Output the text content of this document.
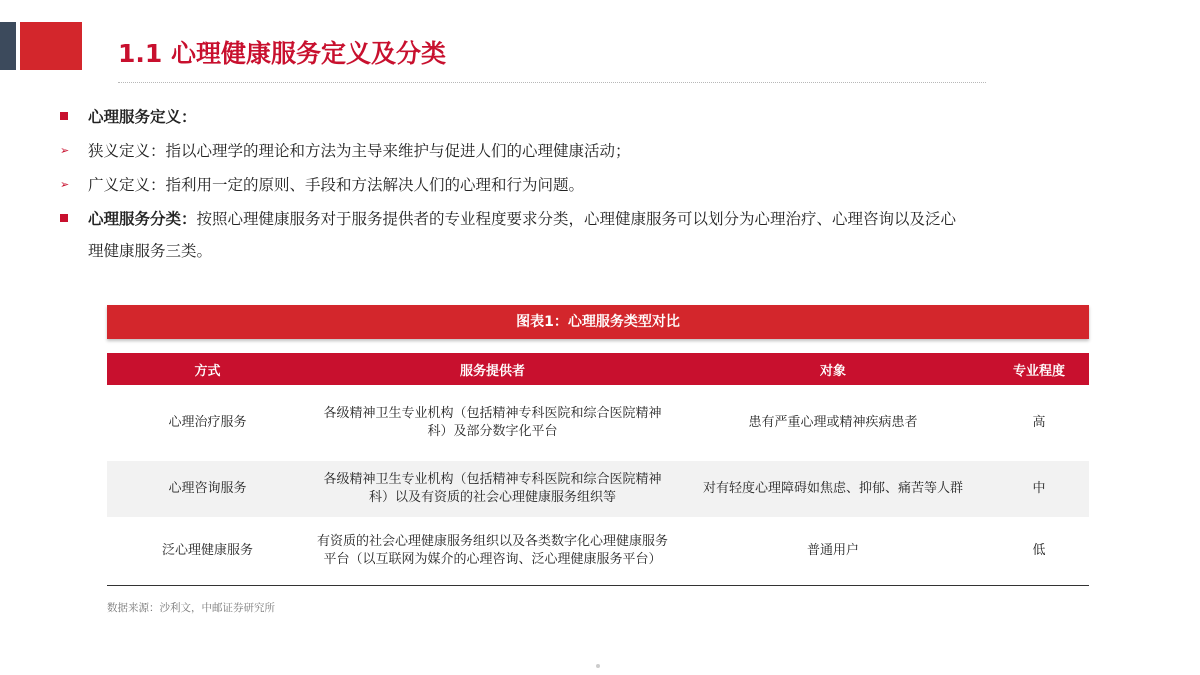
1.1 心理健康服务定义及分类
心理服务定义：
➢	狭义定义：指以心理学的理论和方法为主导来维护与促进人们的心理健康活动；
➢	广义定义：指利用一定的原则、手段和方法解决人们的心理和行为问题。
心理服务分类：按照心理健康服务对于服务提供者的专业程度要求分类，心理健康服务可以划分为心理治疗、心理咨询以及泛心
理健康服务三类。
图表1：心理服务类型对比
方式	服务提供者	对象	专业程度
心理治疗服务	各级精神卫生专业机构（包括精神专科医院和综合医院精神科）及部分数字化平台	患有严重心理或精神疾病患者	高
心理咨询服务	各级精神卫生专业机构（包括精神专科医院和综合医院精神科）以及有资质的社会心理健康服务组织等	对有轻度心理障碍如焦虑、抑郁、痛苦等人群	中
泛心理健康服务	有资质的社会心理健康服务组织以及各类数字化心理健康服务平台（以互联网为媒介的心理咨询、泛心理健康服务平台）	普通用户	低
数据来源：沙利文，中邮证券研究所
